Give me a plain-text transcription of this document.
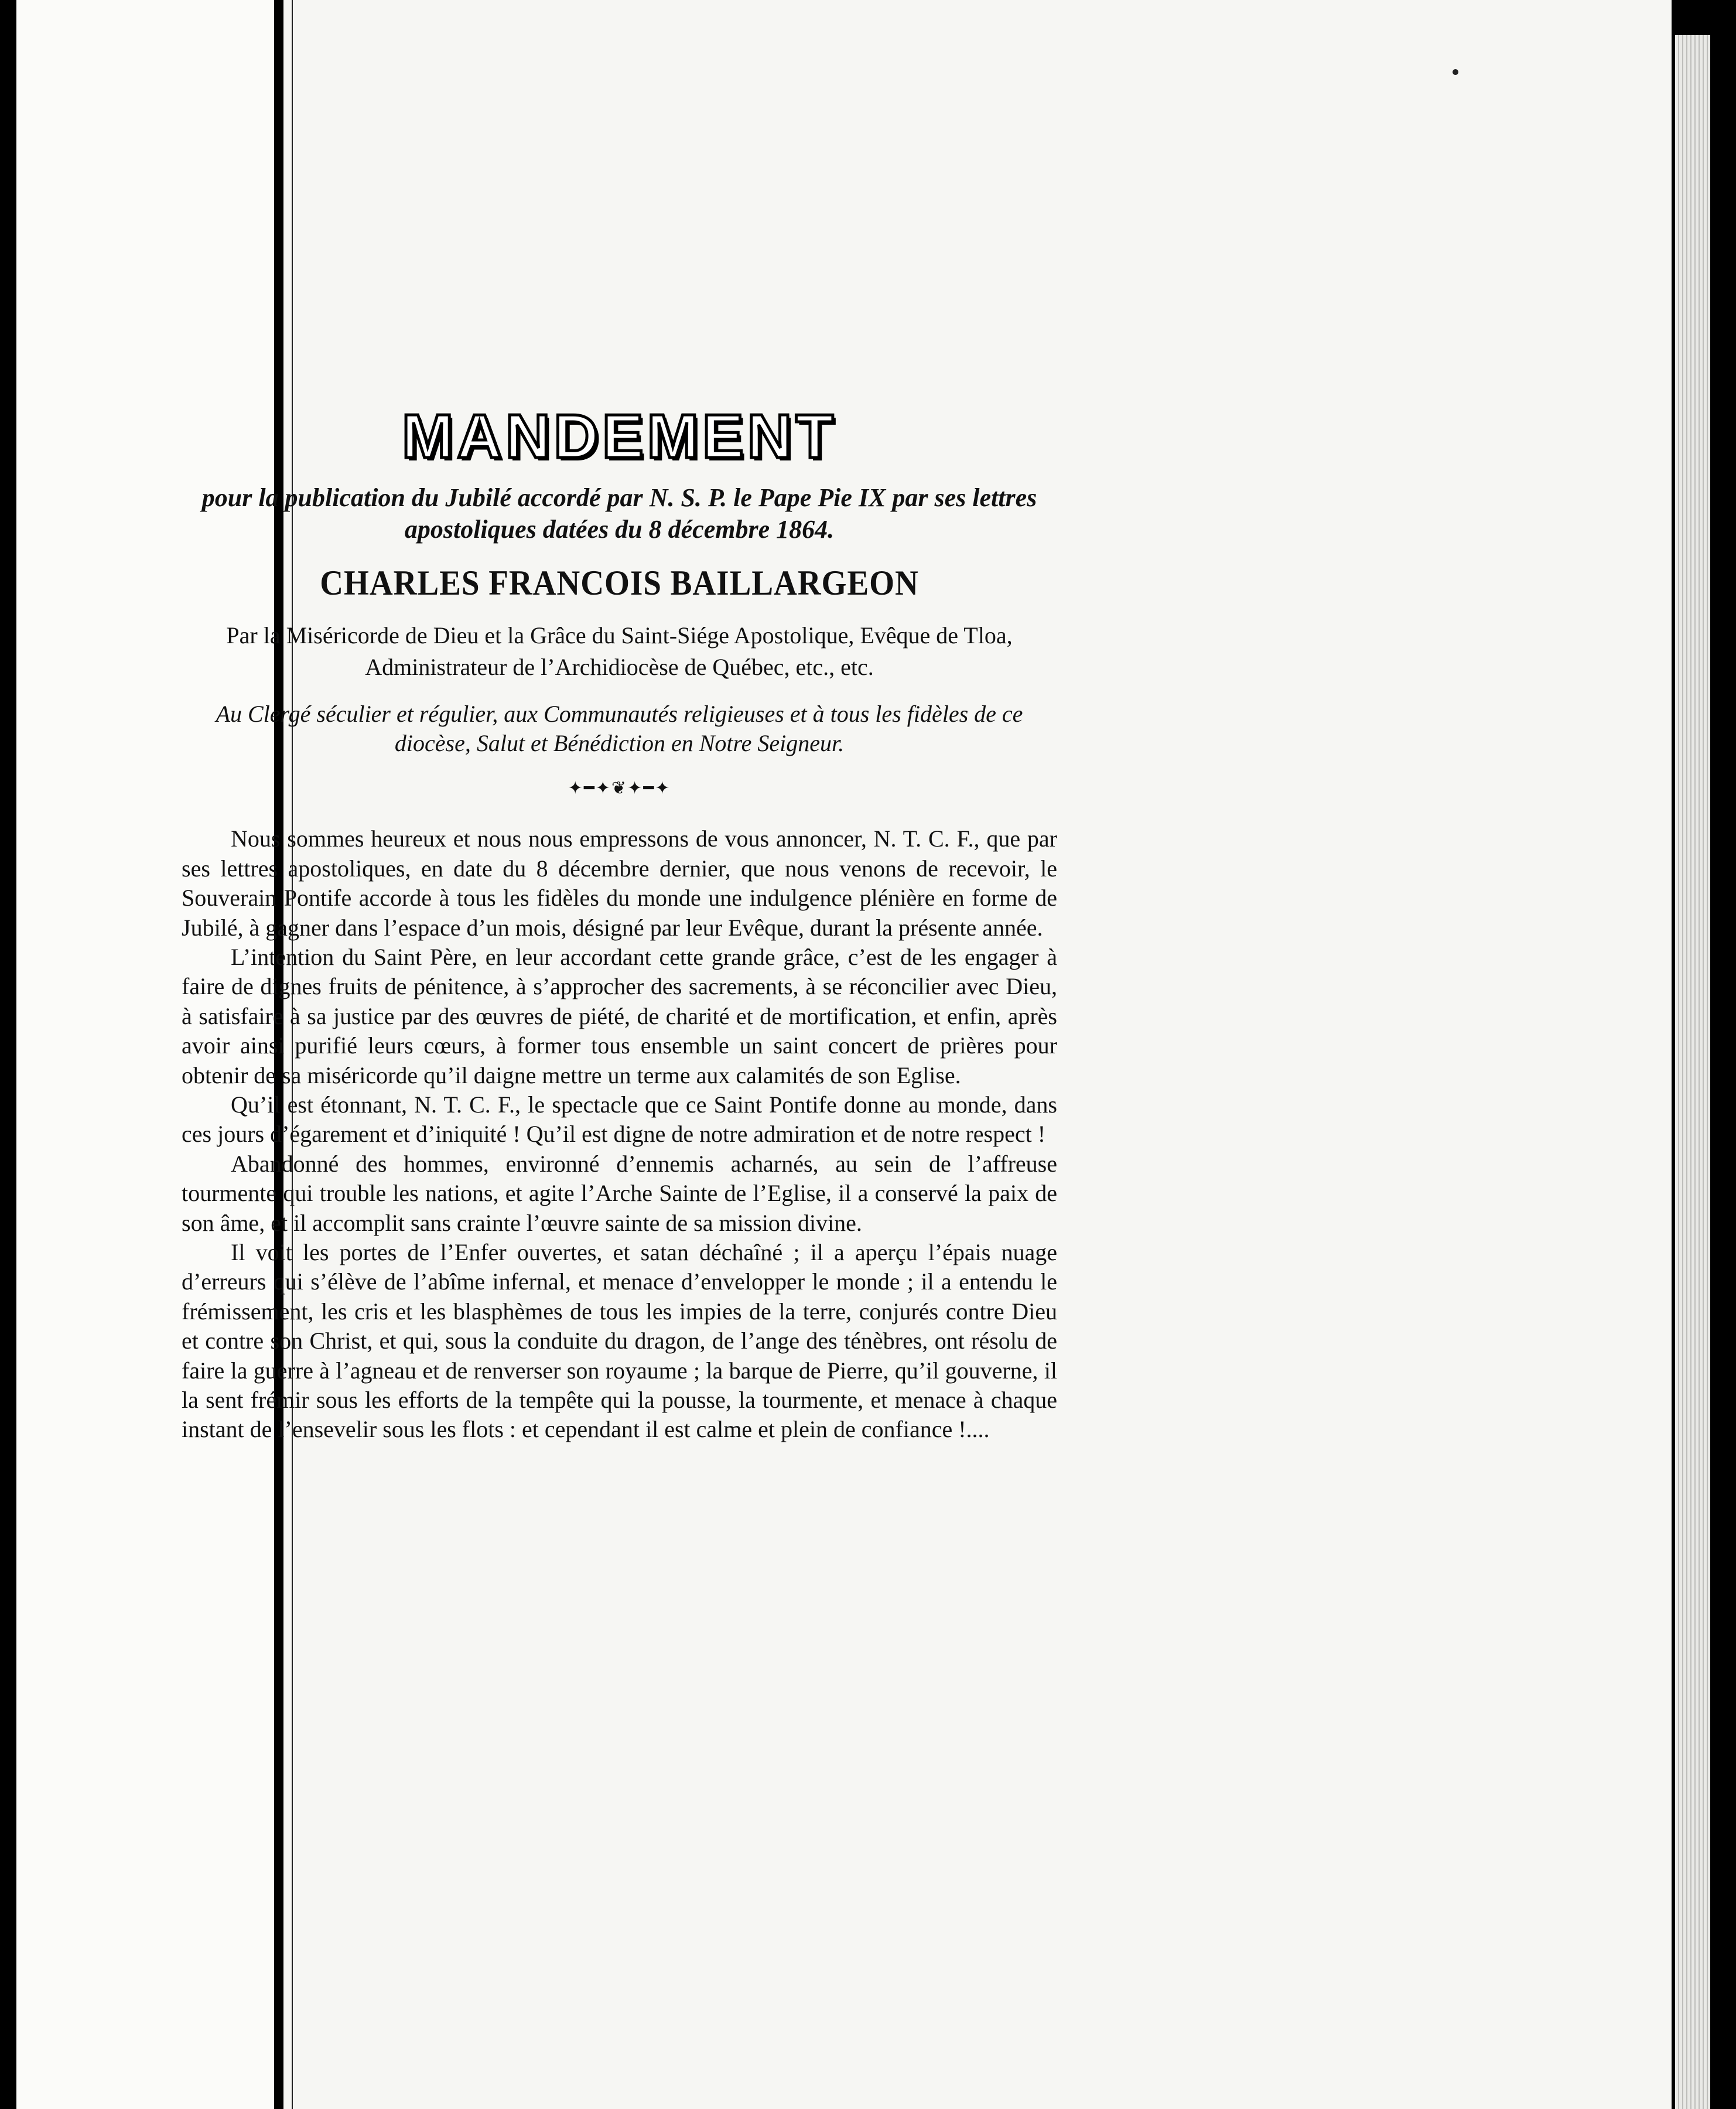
MANDEMENT

pour la publication du Jubilé accordé par N. S. P. le Pape Pie IX par ses lettres apostoliques datées du 8 décembre 1864.

CHARLES FRANCOIS BAILLARGEON

Par la Miséricorde de Dieu et la Grâce du Saint-Siége Apostolique, Evêque de Tloa, Administrateur de l’Archidiocèse de Québec, etc., etc.

Au Clergé séculier et régulier, aux Communautés religieuses et à tous les fidèles de ce diocèse, Salut et Bénédiction en Notre Seigneur.

✦━✦❦✦━✦

Nous sommes heureux et nous nous empressons de vous annoncer, N. T. C. F., que par ses lettres apostoliques, en date du 8 décembre dernier, que nous venons de recevoir, le Souverain Pontife accorde à tous les fidèles du monde une indulgence plénière en forme de Jubilé, à gagner dans l’espace d’un mois, désigné par leur Evêque, durant la présente année.

L’intention du Saint Père, en leur accordant cette grande grâce, c’est de les engager à faire de dignes fruits de pénitence, à s’approcher des sacrements, à se réconcilier avec Dieu, à satisfaire à sa justice par des œuvres de piété, de charité et de mortification, et enfin, après avoir ainsi purifié leurs cœurs, à former tous ensemble un saint concert de prières pour obtenir de sa miséricorde qu’il daigne mettre un terme aux calamités de son Eglise.

Qu’il est étonnant, N. T. C. F., le spectacle que ce Saint Pontife donne au monde, dans ces jours d’égarement et d’iniquité ! Qu’il est digne de notre admiration et de notre respect !

Abandonné des hommes, environné d’ennemis acharnés, au sein de l’affreuse tourmente qui trouble les nations, et agite l’Arche Sainte de l’Eglise, il a conservé la paix de son âme, et il accomplit sans crainte l’œuvre sainte de sa mission divine.

Il voit les portes de l’Enfer ouvertes, et satan déchaîné ; il a aperçu l’épais nuage d’erreurs qui s’élève de l’abîme infernal, et menace d’envelopper le monde ; il a entendu le frémissement, les cris et les blasphèmes de tous les impies de la terre, conjurés contre Dieu et contre son Christ, et qui, sous la conduite du dragon, de l’ange des ténèbres, ont résolu de faire la guerre à l’agneau et de renverser son royaume ; la barque de Pierre, qu’il gouverne, il la sent frémir sous les efforts de la tempête qui la pousse, la tourmente, et menace à chaque instant de l’ensevelir sous les flots : et cependant il est calme et plein de confiance !....
